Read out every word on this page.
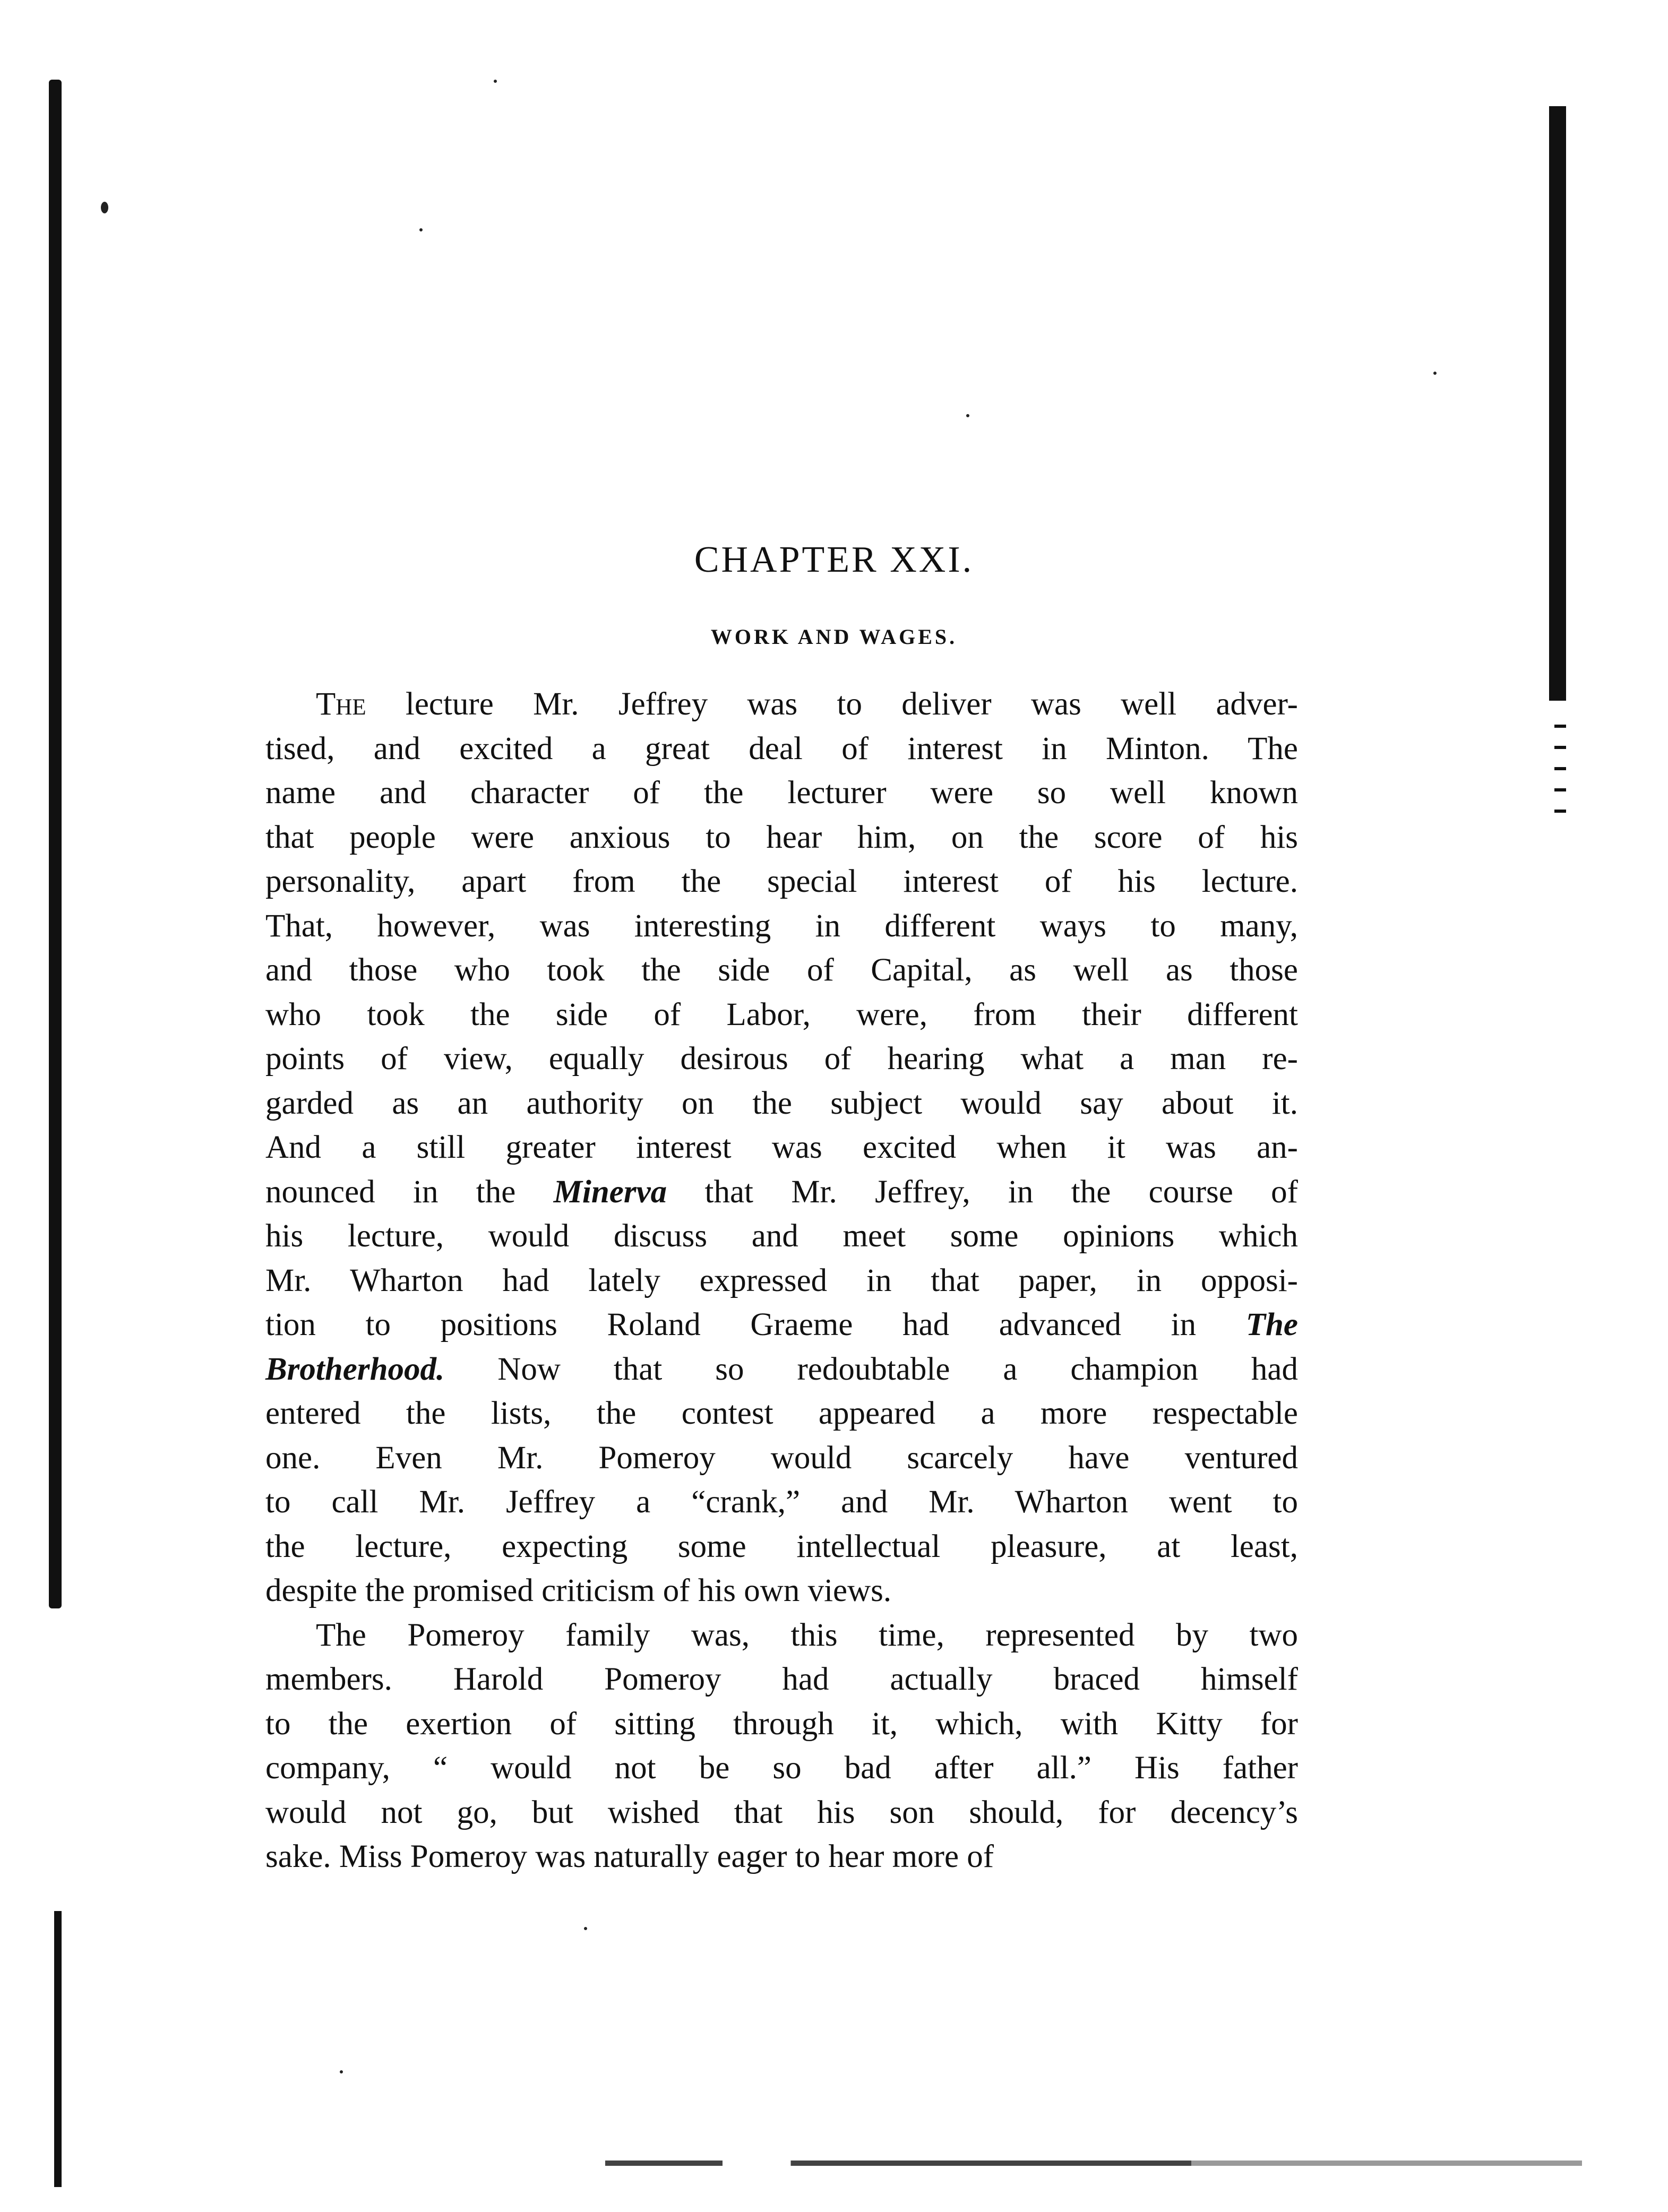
CHAPTER XXI.
WORK AND WAGES.
The lecture Mr. Jeffrey was to deliver was well adver-
tised, and excited a great deal of interest in Minton. The
name and character of the lecturer were so well known
that people were anxious to hear him, on the score of his
personality, apart from the special interest of his lecture.
That, however, was interesting in different ways to many,
and those who took the side of Capital, as well as those
who took the side of Labor, were, from their different
points of view, equally desirous of hearing what a man re-
garded as an authority on the subject would say about it.
And a still greater interest was excited when it was an-
nounced in the Minerva that Mr. Jeffrey, in the course of
his lecture, would discuss and meet some opinions which
Mr. Wharton had lately expressed in that paper, in opposi-
tion to positions Roland Graeme had advanced in The
Brotherhood. Now that so redoubtable a champion had
entered the lists, the contest appeared a more respectable
one. Even Mr. Pomeroy would scarcely have ventured
to call Mr. Jeffrey a “crank,” and Mr. Wharton went to
the lecture, expecting some intellectual pleasure, at least,
despite the promised criticism of his own views.
The Pomeroy family was, this time, represented by two
members. Harold Pomeroy had actually braced himself
to the exertion of sitting through it, which, with Kitty for
company, “ would not be so bad after all.” His father
would not go, but wished that his son should, for decency’s
sake. Miss Pomeroy was naturally eager to hear more of
